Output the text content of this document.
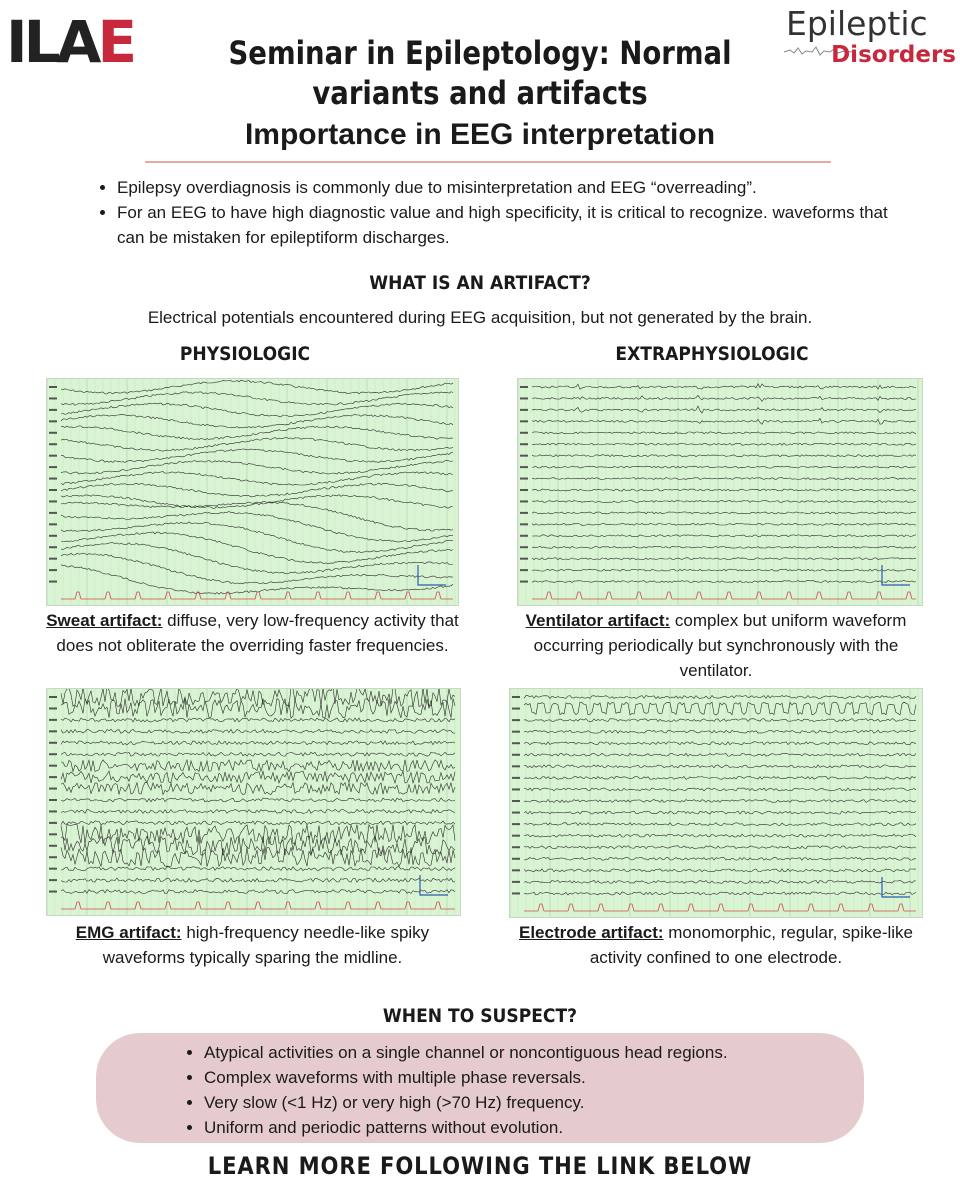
ILAE	Epileptic
Disorders
Seminar in Epileptology: Normal variants and artifacts
Importance in EEG interpretation
• Epilepsy overdiagnosis is commonly due to misinterpretation and EEG “overreading”.
• For an EEG to have high diagnostic value and high specificity, it is critical to recognize. waveforms that can be mistaken for epileptiform discharges.
WHAT IS AN ARTIFACT?
Electrical potentials encountered during EEG acquisition, but not generated by the brain.
PHYSIOLOGIC	EXTRAPHYSIOLOGIC
Sweat artifact: diffuse, very low-frequency activity that does not obliterate the overriding faster frequencies.
Ventilator artifact: complex but uniform waveform occurring periodically but synchronously with the ventilator.
EMG artifact: high-frequency needle-like spiky waveforms typically sparing the midline.
Electrode artifact: monomorphic, regular, spike-like activity confined to one electrode.
WHEN TO SUSPECT?
• Atypical activities on a single channel or noncontiguous head regions.
• Complex waveforms with multiple phase reversals.
• Very slow (<1 Hz) or very high (>70 Hz) frequency.
• Uniform and periodic patterns without evolution.
LEARN MORE FOLLOWING THE LINK BELOW
